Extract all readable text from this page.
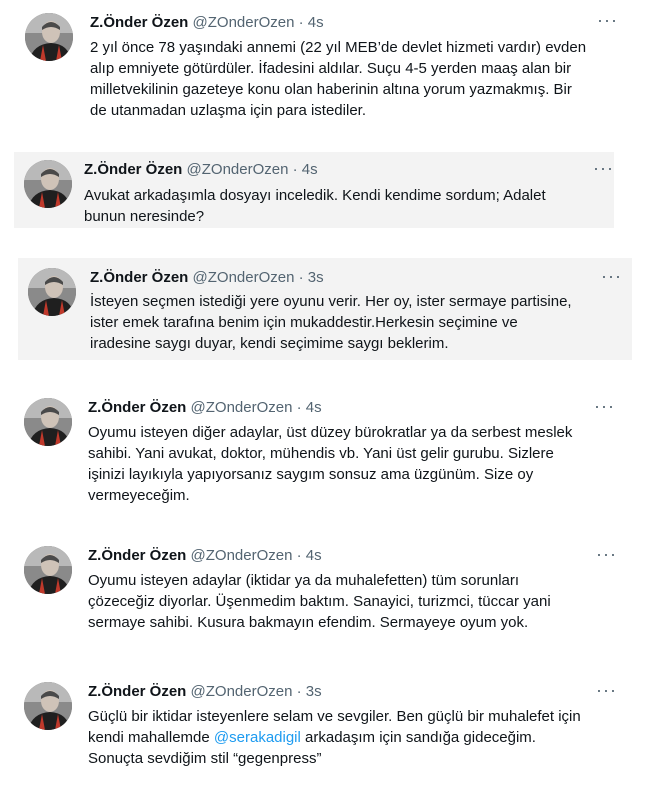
Z.Önder Özen @ZOnderOzen · 4s	···
2 yıl önce 78 yaşındaki annemi (22 yıl MEB’de devlet hizmeti vardır) evden
alıp emniyete götürdüler. İfadesini aldılar. Suçu 4-5 yerden maaş alan bir
milletvekilinin gazeteye konu olan haberinin altına yorum yazmakmış. Bir
de utanmadan uzlaşma için para istediler.
Z.Önder Özen @ZOnderOzen · 4s	···
Avukat arkadaşımla dosyayı inceledik. Kendi kendime sordum; Adalet
bunun neresinde?
Z.Önder Özen @ZOnderOzen · 3s	···
İsteyen seçmen istediği yere oyunu verir. Her oy, ister sermaye partisine,
ister emek tarafına benim için mukaddestir.Herkesin seçimine ve
iradesine saygı duyar, kendi seçimime saygı beklerim.
Z.Önder Özen @ZOnderOzen · 4s	···
Oyumu isteyen diğer adaylar, üst düzey bürokratlar ya da serbest meslek
sahibi. Yani avukat, doktor, mühendis vb. Yani üst gelir gurubu. Sizlere
işinizi layıkıyla yapıyorsanız saygım sonsuz ama üzgünüm. Size oy
vermeyeceğim.
Z.Önder Özen @ZOnderOzen · 4s	···
Oyumu isteyen adaylar (iktidar ya da muhalefetten) tüm sorunları
çözeceğiz diyorlar. Üşenmedim baktım. Sanayici, turizmci, tüccar yani
sermaye sahibi. Kusura bakmayın efendim. Sermayeye oyum yok.
Z.Önder Özen @ZOnderOzen · 3s	···
Güçlü bir iktidar isteyenlere selam ve sevgiler. Ben güçlü bir muhalefet için
kendi mahallemde @serakadigil arkadaşım için sandığa gideceğim.
Sonuçta sevdiğim stil “gegenpress”
